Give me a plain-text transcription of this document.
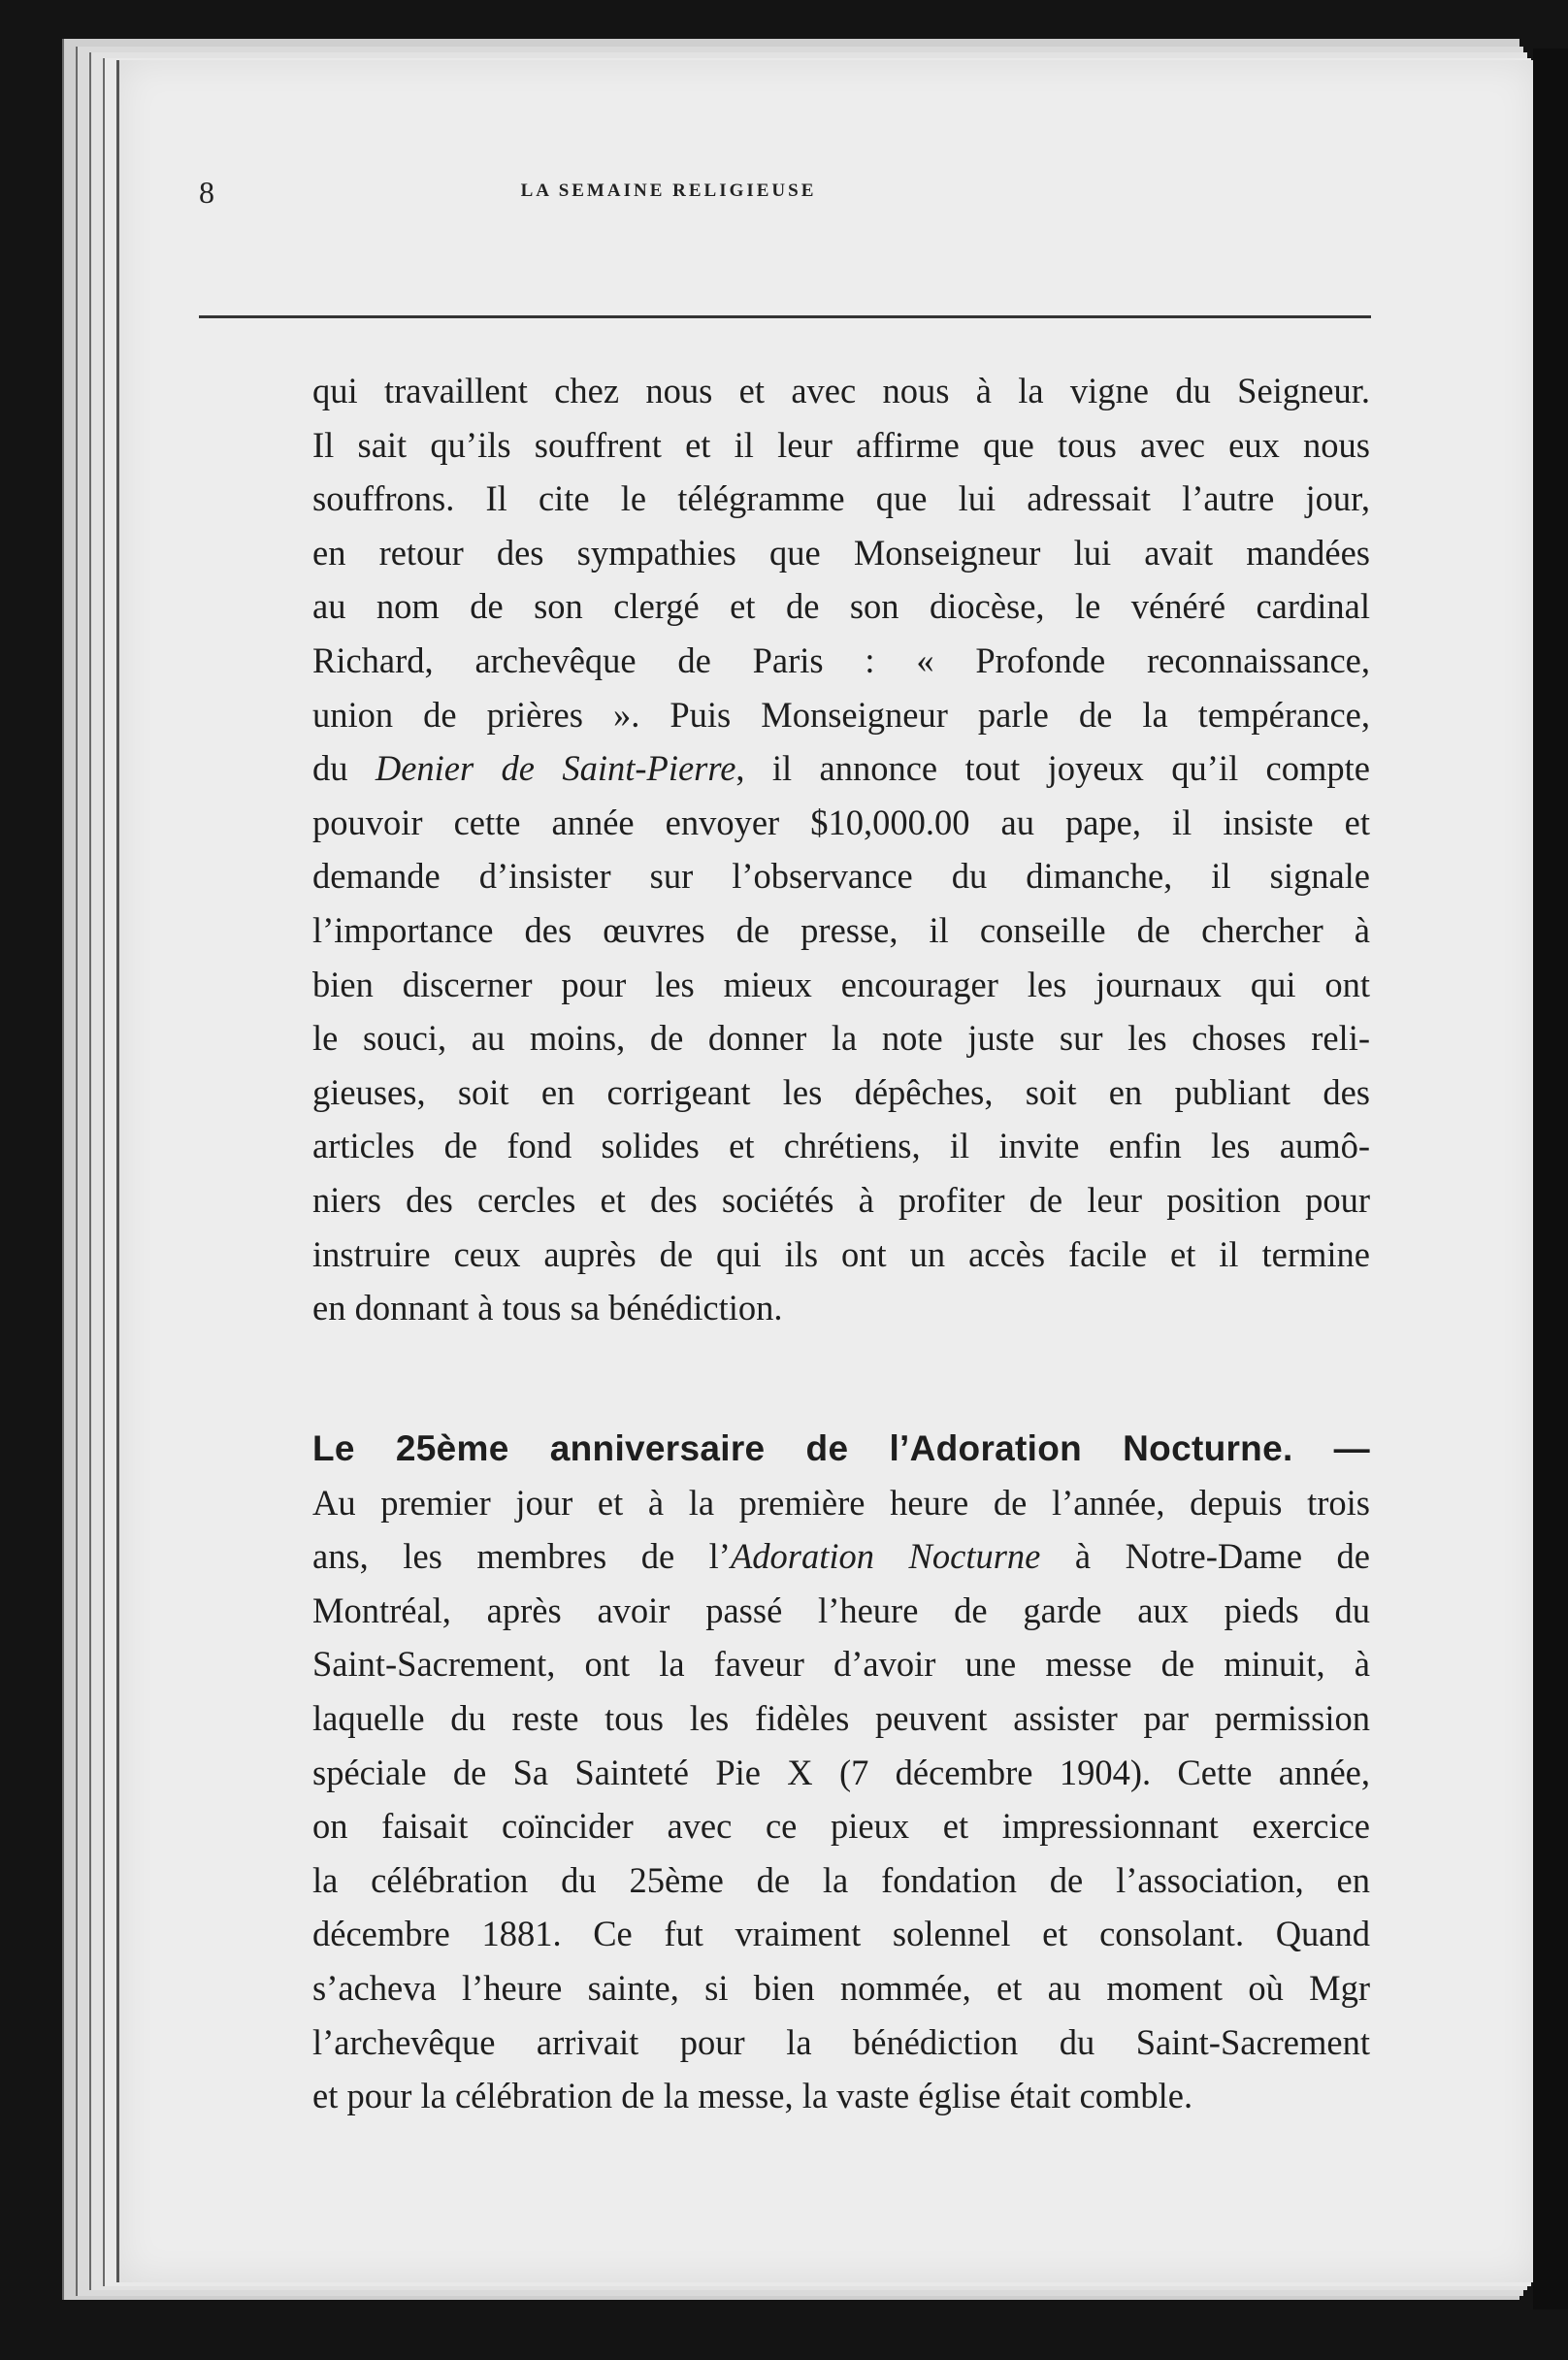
8	LA SEMAINE RELIGIEUSE
qui travaillent chez nous et avec nous à la vigne du Seigneur.
Il sait qu’ils souffrent et il leur affirme que tous avec eux nous
souffrons. Il cite le télégramme que lui adressait l’autre jour,
en retour des sympathies que Monseigneur lui avait mandées
au nom de son clergé et de son diocèse, le vénéré cardinal
Richard, archevêque de Paris : « Profonde reconnaissance,
union de prières ». Puis Monseigneur parle de la tempérance,
du Denier de Saint-Pierre, il annonce tout joyeux qu’il compte
pouvoir cette année envoyer $10,000.00 au pape, il insiste et
demande d’insister sur l’observance du dimanche, il signale
l’importance des œuvres de presse, il conseille de chercher à
bien discerner pour les mieux encourager les journaux qui ont
le souci, au moins, de donner la note juste sur les choses reli-
gieuses, soit en corrigeant les dépêches, soit en publiant des
articles de fond solides et chrétiens, il invite enfin les aumô-
niers des cercles et des sociétés à profiter de leur position pour
instruire ceux auprès de qui ils ont un accès facile et il termine
en donnant à tous sa bénédiction.
Le 25ème anniversaire de l’Adoration Nocturne. —
Au premier jour et à la première heure de l’année, depuis trois
ans, les membres de l’Adoration Nocturne à Notre-Dame de
Montréal, après avoir passé l’heure de garde aux pieds du
Saint-Sacrement, ont la faveur d’avoir une messe de minuit, à
laquelle du reste tous les fidèles peuvent assister par permission
spéciale de Sa Sainteté Pie X (7 décembre 1904). Cette année,
on faisait coïncider avec ce pieux et impressionnant exercice
la célébration du 25ème de la fondation de l’association, en
décembre 1881. Ce fut vraiment solennel et consolant. Quand
s’acheva l’heure sainte, si bien nommée, et au moment où Mgr
l’archevêque arrivait pour la bénédiction du Saint-Sacrement
et pour la célébration de la messe, la vaste église était comble.
